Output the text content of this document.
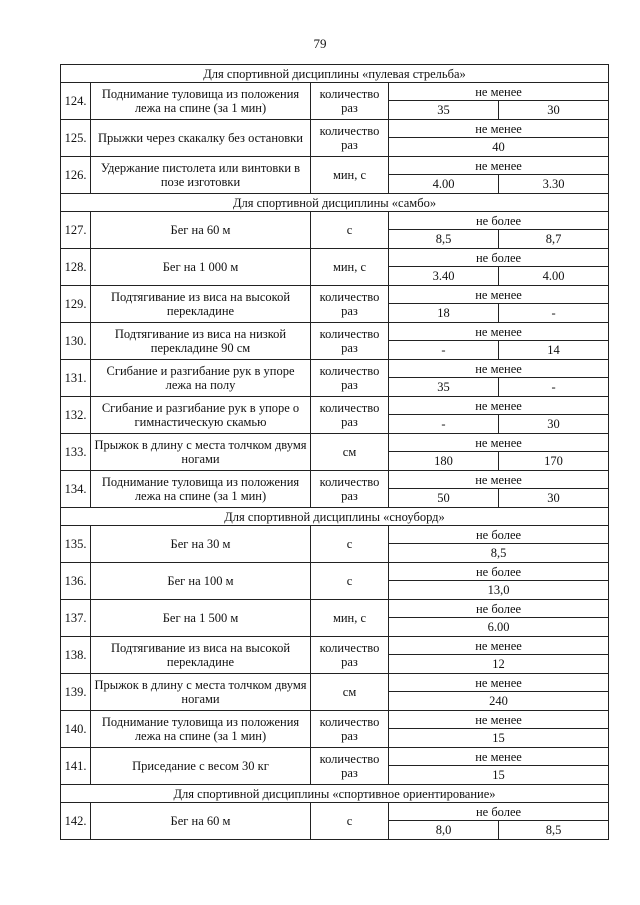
79
Для спортивной дисциплины «пулевая стрельба»				
124.	Поднимание туловища из положения лежа на спине (за 1 мин)	количество раз	не менее	
			35	30
125.	Прыжки через скакалку без остановки	количество раз	не менее	
			40	
126.	Удержание пистолета или винтовки в позе изготовки	мин, с	не менее	
			4.00	3.30
Для спортивной дисциплины «самбо»				
127.	Бег на 60 м	с	не более	
			8,5	8,7
128.	Бег на 1 000 м	мин, с	не более	
			3.40	4.00
129.	Подтягивание из виса на высокой перекладине	количество раз	не менее	
			18	-
130.	Подтягивание из виса на низкой перекладине 90 см	количество раз	не менее	
			-	14
131.	Сгибание и разгибание рук в упоре лежа на полу	количество раз	не менее	
			35	-
132.	Сгибание и разгибание рук в упоре о гимнастическую скамью	количество раз	не менее	
			-	30
133.	Прыжок в длину с места толчком двумя ногами	см	не менее	
			180	170
134.	Поднимание туловища из положения лежа на спине (за 1 мин)	количество раз	не менее	
			50	30
Для спортивной дисциплины «сноуборд»				
135.	Бег на 30 м	с	не более	
			8,5	
136.	Бег на 100 м	с	не более	
			13,0	
137.	Бег на 1 500 м	мин, с	не более	
			6.00	
138.	Подтягивание из виса на высокой перекладине	количество раз	не менее	
			12	
139.	Прыжок в длину с места толчком двумя ногами	см	не менее	
			240	
140.	Поднимание туловища из положения лежа на спине (за 1 мин)	количество раз	не менее	
			15	
141.	Приседание с весом 30 кг	количество раз	не менее	
			15	
Для спортивной дисциплины «спортивное ориентирование»				
142.	Бег на 60 м	с	не более	
			8,0	8,5
